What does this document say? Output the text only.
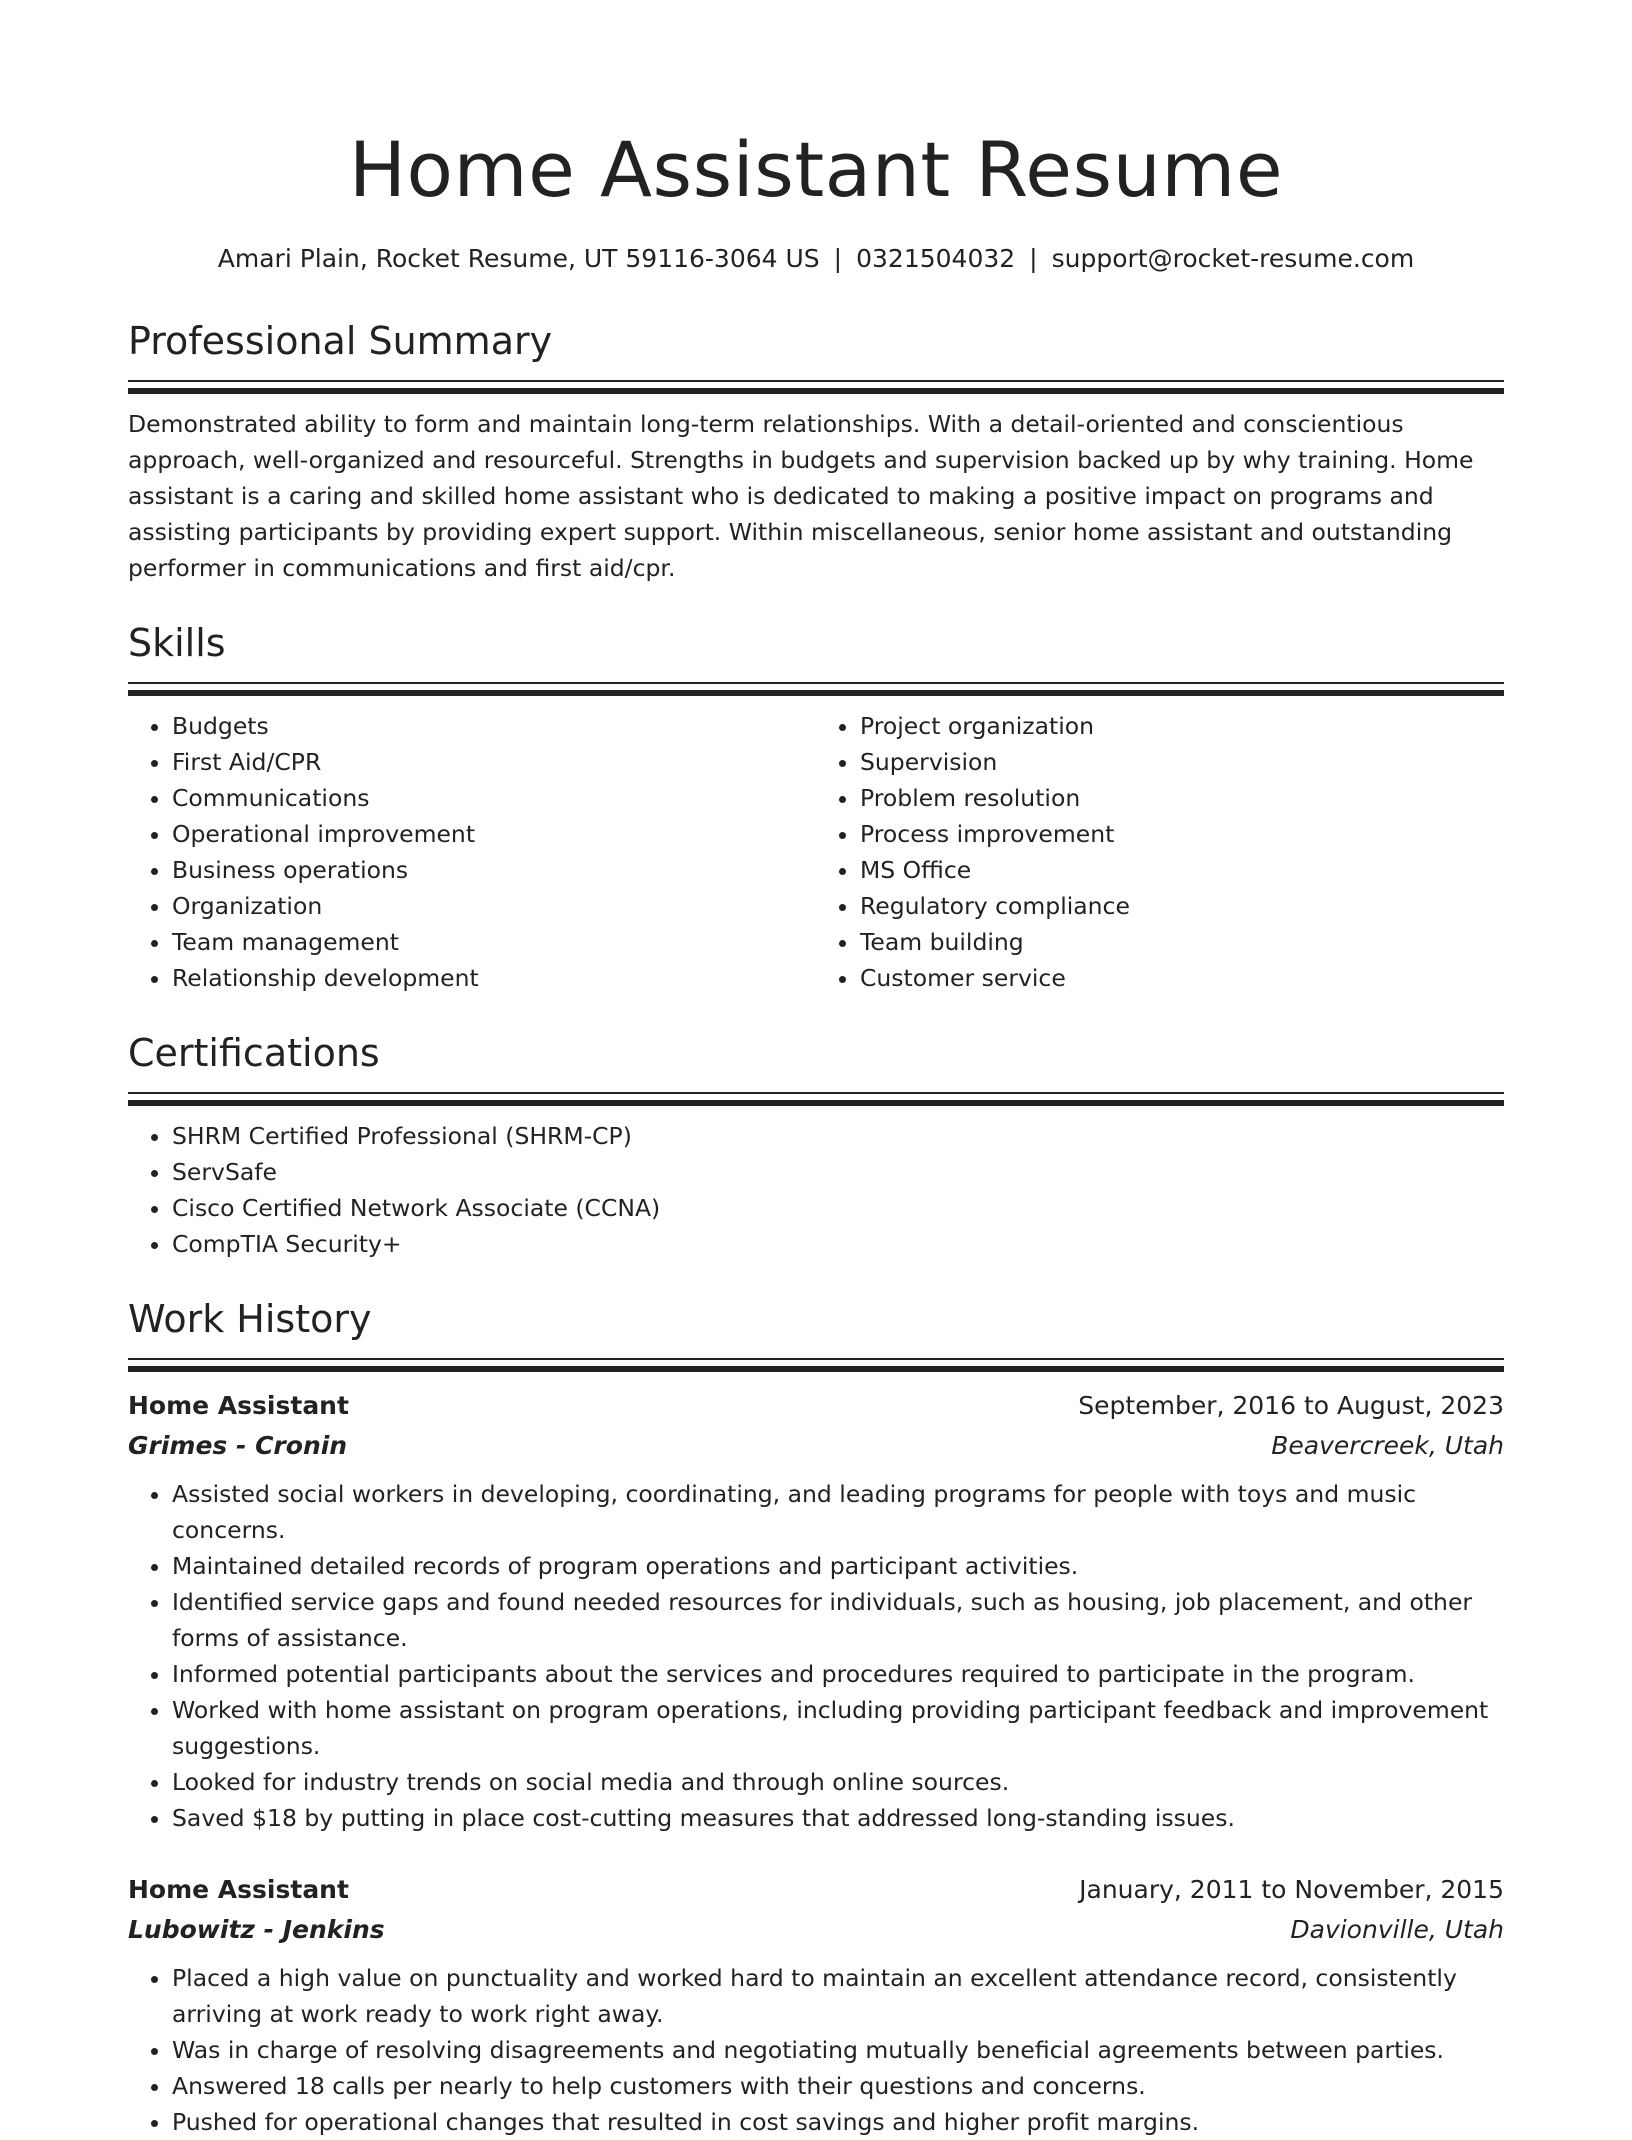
Home Assistant Resume
Amari Plain, Rocket Resume, UT 59116-3064 US | 0321504032 | support@rocket-resume.com
Professional Summary
Demonstrated ability to form and maintain long-term relationships. With a detail-oriented and conscientious approach, well-organized and resourceful. Strengths in budgets and supervision backed up by why training. Home assistant is a caring and skilled home assistant who is dedicated to making a positive impact on programs and assisting participants by providing expert support. Within miscellaneous, senior home assistant and outstanding performer in communications and first aid/cpr.
Skills
• Budgets
• First Aid/CPR
• Communications
• Operational improvement
• Business operations
• Organization
• Team management
• Relationship development
• Project organization
• Supervision
• Problem resolution
• Process improvement
• MS Office
• Regulatory compliance
• Team building
• Customer service
Certifications
• SHRM Certified Professional (SHRM-CP)
• ServSafe
• Cisco Certified Network Associate (CCNA)
• CompTIA Security+
Work History
Home Assistant	September, 2016 to August, 2023
Grimes - Cronin	Beavercreek, Utah
• Assisted social workers in developing, coordinating, and leading programs for people with toys and music concerns.
• Maintained detailed records of program operations and participant activities.
• Identified service gaps and found needed resources for individuals, such as housing, job placement, and other forms of assistance.
• Informed potential participants about the services and procedures required to participate in the program.
• Worked with home assistant on program operations, including providing participant feedback and improvement suggestions.
• Looked for industry trends on social media and through online sources.
• Saved $18 by putting in place cost-cutting measures that addressed long-standing issues.
Home Assistant	January, 2011 to November, 2015
Lubowitz - Jenkins	Davionville, Utah
• Placed a high value on punctuality and worked hard to maintain an excellent attendance record, consistently arriving at work ready to work right away.
• Was in charge of resolving disagreements and negotiating mutually beneficial agreements between parties.
• Answered 18 calls per nearly to help customers with their questions and concerns.
• Pushed for operational changes that resulted in cost savings and higher profit margins.
